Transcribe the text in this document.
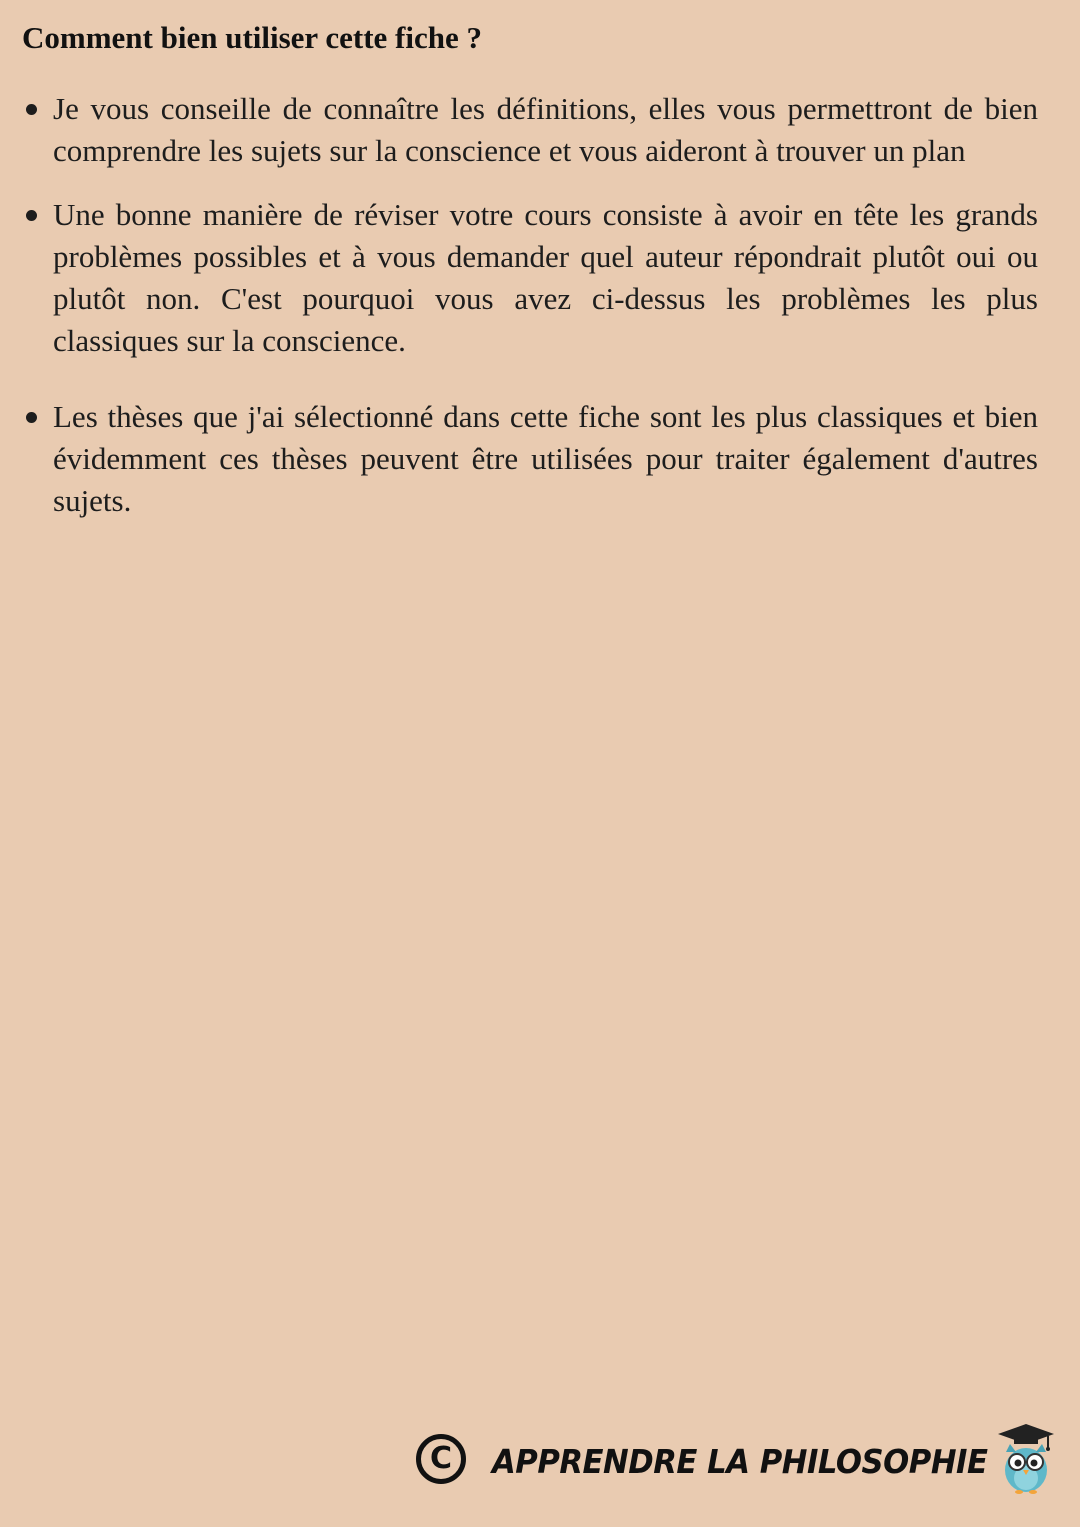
Comment bien utiliser cette fiche ?
Je vous conseille de connaître les définitions, elles vous permettront de bien comprendre les sujets sur la conscience et vous aideront à trouver un plan
Une bonne manière de réviser votre cours consiste à avoir en tête les grands problèmes possibles et à vous demander quel auteur répondrait plutôt oui ou plutôt non. C'est pourquoi vous avez ci-dessus les problèmes les plus classiques sur la conscience.
Les thèses que j'ai sélectionné dans cette fiche sont les plus classiques et bien évidemment ces thèses peuvent être utilisées pour traiter également d'autres sujets.
C APPRENDRE LA PHILOSOPHIE
